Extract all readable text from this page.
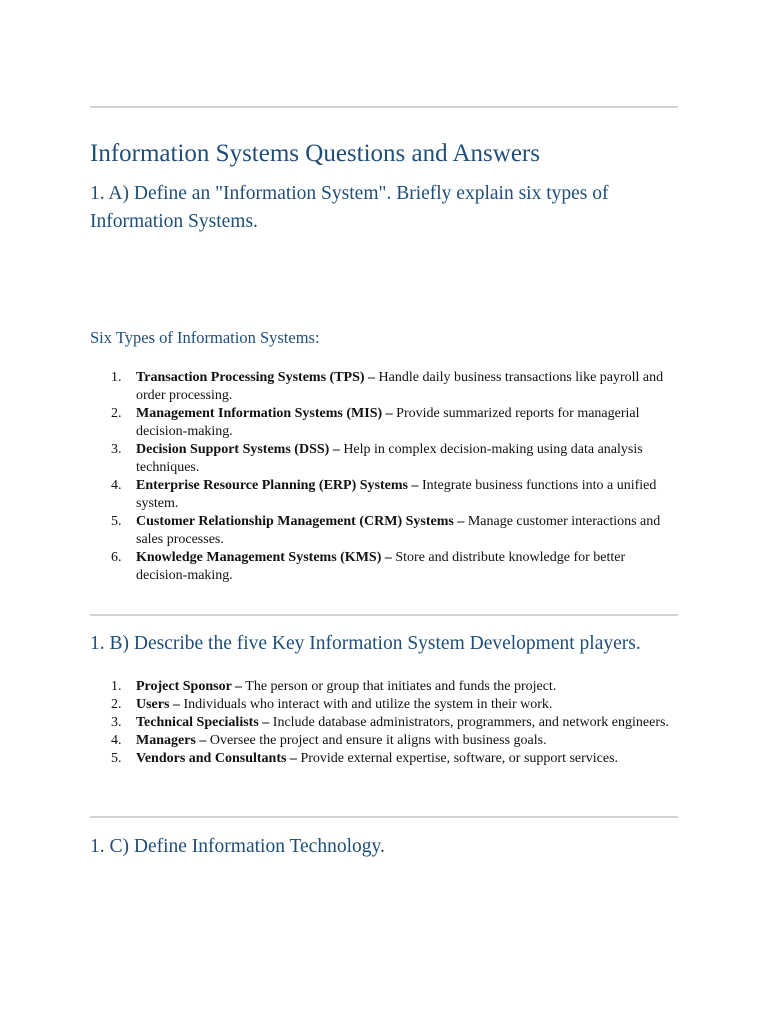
Information Systems Questions and Answers
1. A) Define an "Information System". Briefly explain six types of Information Systems.
Six Types of Information Systems:
1. Transaction Processing Systems (TPS) – Handle daily business transactions like payroll and order processing.
2. Management Information Systems (MIS) – Provide summarized reports for managerial decision-making.
3. Decision Support Systems (DSS) – Help in complex decision-making using data analysis techniques.
4. Enterprise Resource Planning (ERP) Systems – Integrate business functions into a unified system.
5. Customer Relationship Management (CRM) Systems – Manage customer interactions and sales processes.
6. Knowledge Management Systems (KMS) – Store and distribute knowledge for better decision-making.
1. B) Describe the five Key Information System Development players.
1. Project Sponsor – The person or group that initiates and funds the project.
2. Users – Individuals who interact with and utilize the system in their work.
3. Technical Specialists – Include database administrators, programmers, and network engineers.
4. Managers – Oversee the project and ensure it aligns with business goals.
5. Vendors and Consultants – Provide external expertise, software, or support services.
1. C) Define Information Technology.
